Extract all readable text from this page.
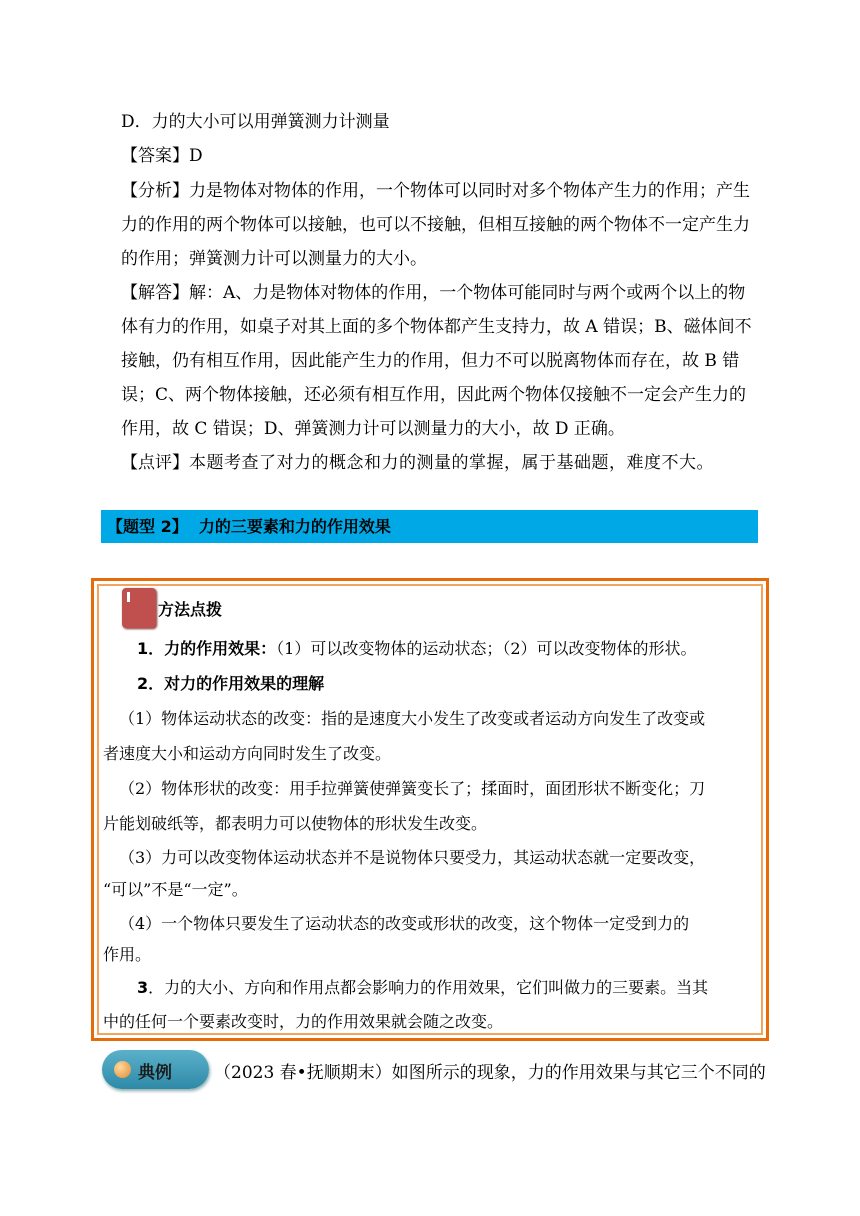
D．力的大小可以用弹簧测力计测量
【答案】D
【分析】力是物体对物体的作用，一个物体可以同时对多个物体产生力的作用；产生
力的作用的两个物体可以接触，也可以不接触，但相互接触的两个物体不一定产生力
的作用；弹簧测力计可以测量力的大小。
【解答】解：A、力是物体对物体的作用，一个物体可能同时与两个或两个以上的物
体有力的作用，如桌子对其上面的多个物体都产生支持力，故 A 错误；B、磁体间不
接触，仍有相互作用，因此能产生力的作用，但力不可以脱离物体而存在，故 B 错
误；C、两个物体接触，还必须有相互作用，因此两个物体仅接触不一定会产生力的
作用，故 C 错误；D、弹簧测力计可以测量力的大小，故 D 正确。
【点评】本题考查了对力的概念和力的测量的掌握，属于基础题，难度不大。
【题型 2】 力的三要素和力的作用效果
方法点拨
1．力的作用效果：（1）可以改变物体的运动状态；（2）可以改变物体的形状。
2．对力的作用效果的理解
（1）物体运动状态的改变：指的是速度大小发生了改变或者运动方向发生了改变或
者速度大小和运动方向同时发生了改变。
（2）物体形状的改变：用手拉弹簧使弹簧变长了；揉面时，面团形状不断变化；刀
片能划破纸等，都表明力可以使物体的形状发生改变。
（3）力可以改变物体运动状态并不是说物体只要受力，其运动状态就一定要改变，
“可以”不是“一定”。
（4）一个物体只要发生了运动状态的改变或形状的改变，这个物体一定受到力的
作用。
3．力的大小、方向和作用点都会影响力的作用效果，它们叫做力的三要素。当其
中的任何一个要素改变时，力的作用效果就会随之改变。
典例 （2023 春•抚顺期末）如图所示的现象，力的作用效果与其它三个不同的
